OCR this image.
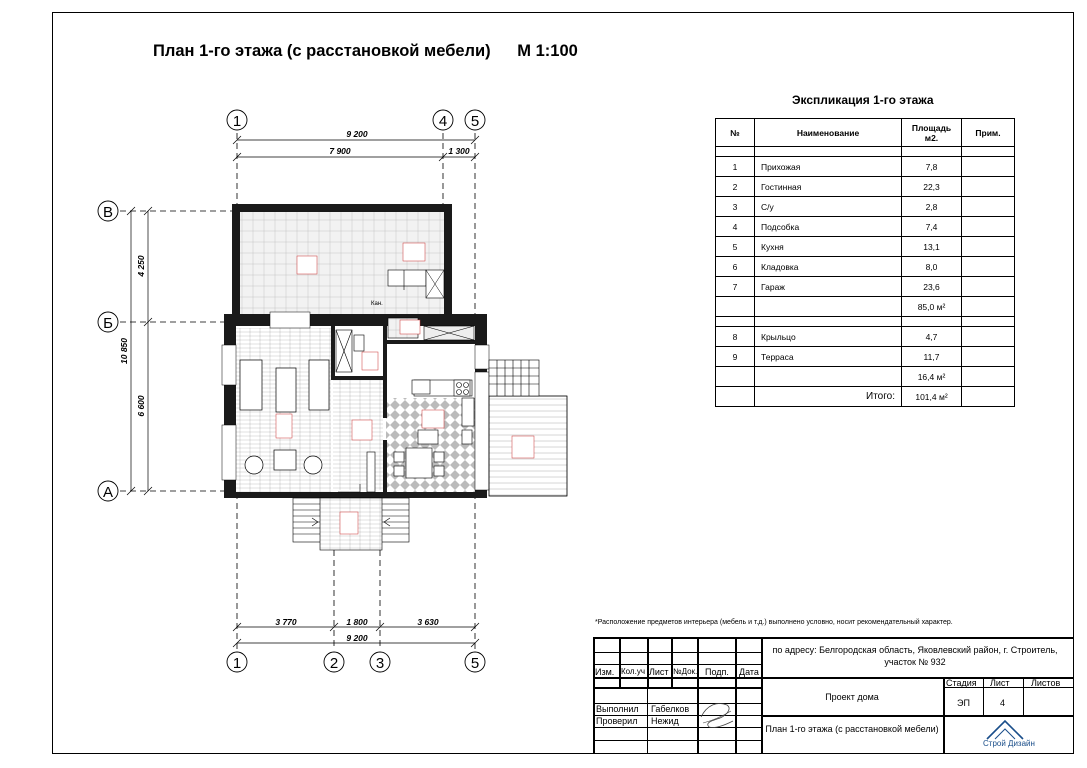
План 1-го этажа (с расстановкой мебели) М 1:100
9 200
7 900	1 300
1	4 5
10 850
4 250
6 600
В
Б
А
Кан.
3 770	1 800	3 630
9 200
1	2	3	5
Экспликация 1-го этажа
№	Наименование	Площадь м2.	Прим.

1	Прихожая	7,8	
2	Гостинная	22,3	
3	С/у	2,8	
4	Подсобка	7,4	
5	Кухня	13,1	
6	Кладовка	8,0	
7	Гараж	23,6	
		85,0 м²	

8	Крыльцо	4,7	
9	Терраса	11,7	
		16,4 м²	
	Итого:	101,4 м²	
*Расположение предметов интерьера (мебель и т.д.) выполнено условно, носит рекомендательный характер.
по адресу: Белгородская область, Яковлевский район, г. Строитель, участок № 932
Изм. Кол.уч Лист №Док. Подп. Дата
Выполнил Габелков
Проверил Нежид
Проект дома
План 1-го этажа (с расстановкой мебели)
Стадия Лист Листов
ЭП	4
Строй Дизайн
